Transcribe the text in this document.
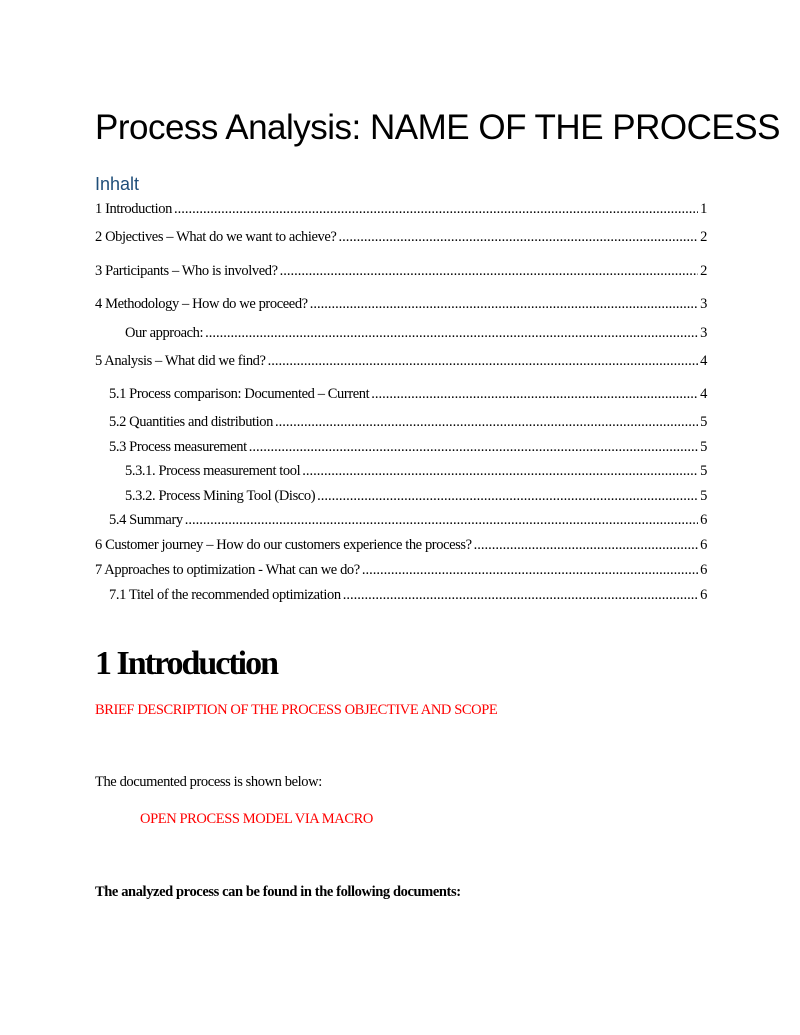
Process Analysis: NAME OF THE PROCESS
Inhalt
1 Introduction .....	1
2 Objectives – What do we want to achieve? .....	2
3 Participants – Who is involved? .....	2
4 Methodology – How do we proceed? .....	3
Our approach: .....	3
5 Analysis – What did we find? .....	4
5.1 Process comparison: Documented – Current .....	4
5.2 Quantities and distribution .....	5
5.3 Process measurement .....	5
5.3.1. Process measurement tool .....	5
5.3.2. Process Mining Tool (Disco) .....	5
5.4 Summary .....	6
6 Customer journey – How do our customers experience the process? .....	6
7 Approaches to optimization - What can we do? .....	6
7.1 Titel of the recommended optimization .....	6
1 Introduction
BRIEF DESCRIPTION OF THE PROCESS OBJECTIVE AND SCOPE
The documented process is shown below:
OPEN PROCESS MODEL VIA MACRO
The analyzed process can be found in the following documents:
